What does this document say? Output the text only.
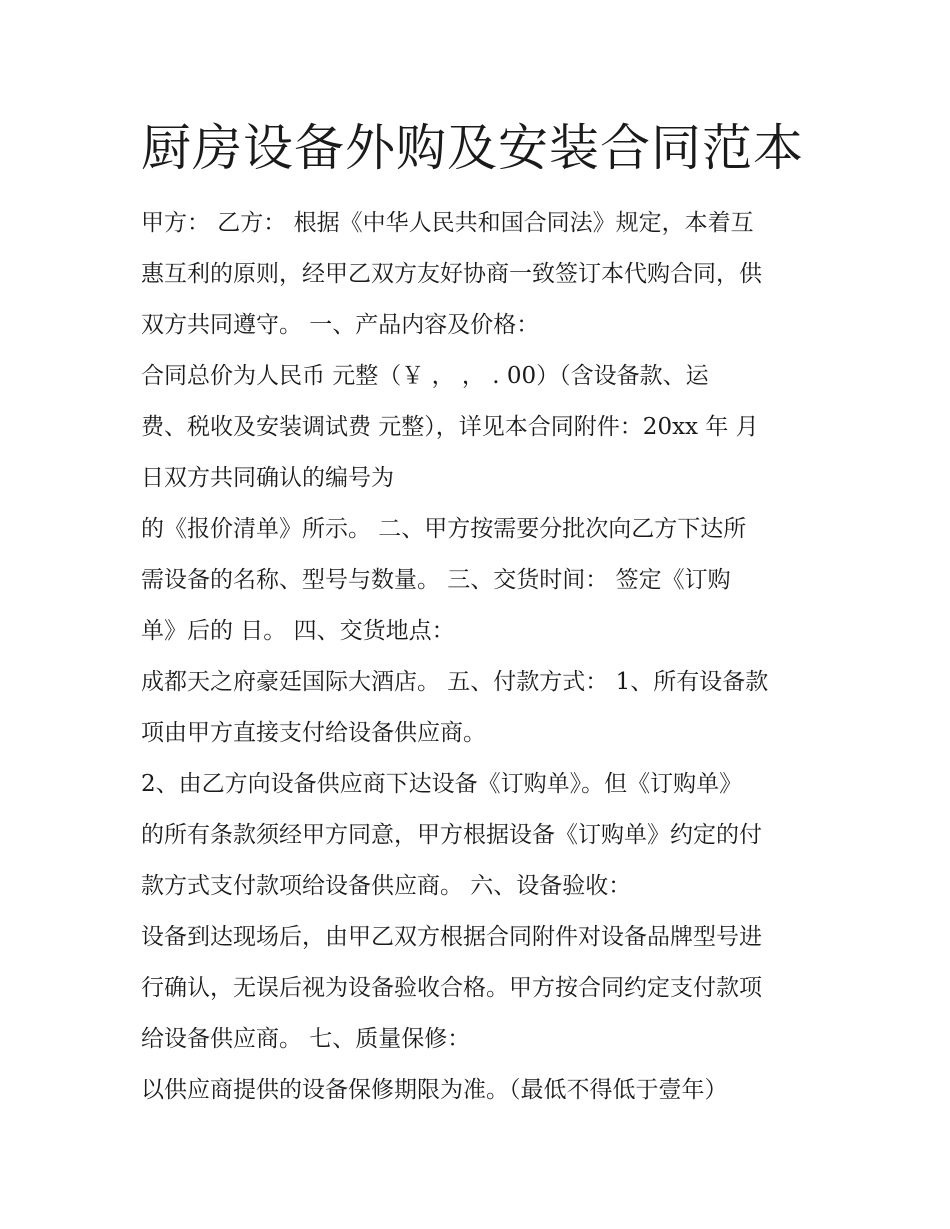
厨房设备外购及安装合同范本
甲方： 乙方： 根据《中华人民共和国合同法》规定，本着互
惠互利的原则，经甲乙双方友好协商一致签订本代购合同，供
双方共同遵守。 一、产品内容及价格：
合同总价为人民币 元整（￥ ， ， . 00）（含设备款、运
费、税收及安装调试费 元整），详见本合同附件：20xx 年 月
日双方共同确认的编号为
的《报价清单》所示。 二、甲方按需要分批次向乙方下达所
需设备的名称、型号与数量。 三、交货时间： 签定《订购
单》后的 日。 四、交货地点：
成都天之府豪廷国际大酒店。 五、付款方式： 1、所有设备款
项由甲方直接支付给设备供应商。
2、由乙方向设备供应商下达设备《订购单》。但《订购单》
的所有条款须经甲方同意，甲方根据设备《订购单》约定的付
款方式支付款项给设备供应商。 六、设备验收：
设备到达现场后，由甲乙双方根据合同附件对设备品牌型号进
行确认，无误后视为设备验收合格。甲方按合同约定支付款项
给设备供应商。 七、质量保修：
以供应商提供的设备保修期限为准。（最低不得低于壹年）
